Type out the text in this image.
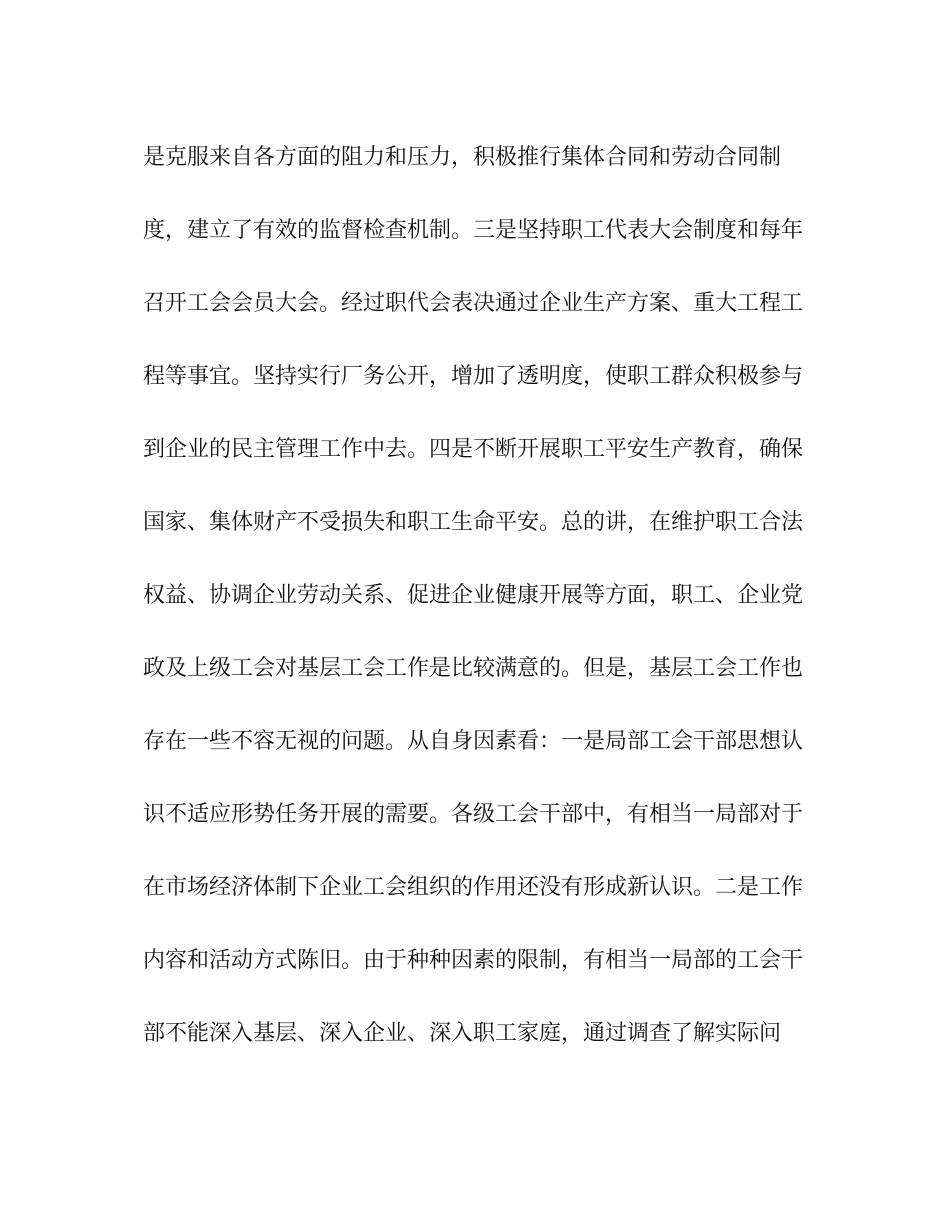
是克服来自各方面的阻力和压力，积极推行集体合同和劳动合同制
度，建立了有效的监督检查机制。三是坚持职工代表大会制度和每年
召开工会会员大会。经过职代会表决通过企业生产方案、重大工程工
程等事宜。坚持实行厂务公开，增加了透明度，使职工群众积极参与
到企业的民主管理工作中去。四是不断开展职工平安生产教育，确保
国家、集体财产不受损失和职工生命平安。总的讲，在维护职工合法
权益、协调企业劳动关系、促进企业健康开展等方面，职工、企业党
政及上级工会对基层工会工作是比较满意的。但是，基层工会工作也
存在一些不容无视的问题。从自身因素看：一是局部工会干部思想认
识不适应形势任务开展的需要。各级工会干部中，有相当一局部对于
在市场经济体制下企业工会组织的作用还没有形成新认识。二是工作
内容和活动方式陈旧。由于种种因素的限制，有相当一局部的工会干
部不能深入基层、深入企业、深入职工家庭，通过调查了解实际问
